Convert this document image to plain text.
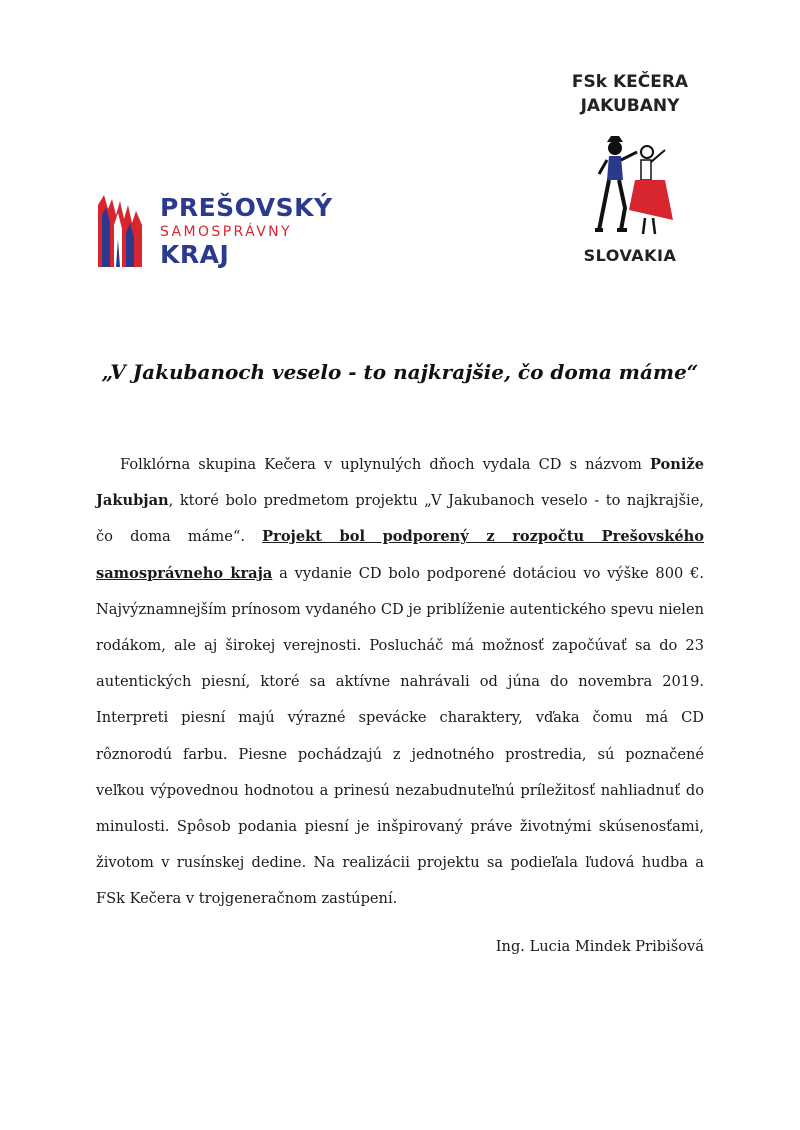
PREŠOVSKÝ
SAMOSPRÁVNY
KRAJ
FSk KEČERA
JAKUBANY
SLOVAKIA
„V Jakubanoch veselo - to najkrajšie, čo doma máme“

Folklórna skupina Kečera v uplynulých dňoch vydala CD s názvom Poniže Jakubjan, ktoré bolo predmetom projektu „V Jakubanoch veselo - to najkrajšie, čo doma máme“. Projekt bol podporený z rozpočtu Prešovského samosprávneho kraja a vydanie CD bolo podporené dotáciou vo výške 800 €. Najvýznamnejším prínosom vydaného CD je priblíženie autentického spevu nielen rodákom, ale aj širokej verejnosti. Poslucháč má možnosť započúvať sa do 23 autentických piesní, ktoré sa aktívne nahrávali od júna do novembra 2019. Interpreti piesní majú výrazné spevácke charaktery, vďaka čomu má CD rôznorodú farbu. Piesne pochádzajú z jednotného prostredia, sú poznačené veľkou výpovednou hodnotou a prinesú nezabudnuteľnú príležitosť nahliadnuť do minulosti. Spôsob podania piesní je inšpirovaný práve životnými skúsenosťami, životom v rusínskej dedine. Na realizácii projektu sa podieľala ľudová hudba a FSk Kečera v trojgeneračnom zastúpení.

Ing. Lucia Mindek Pribišová
